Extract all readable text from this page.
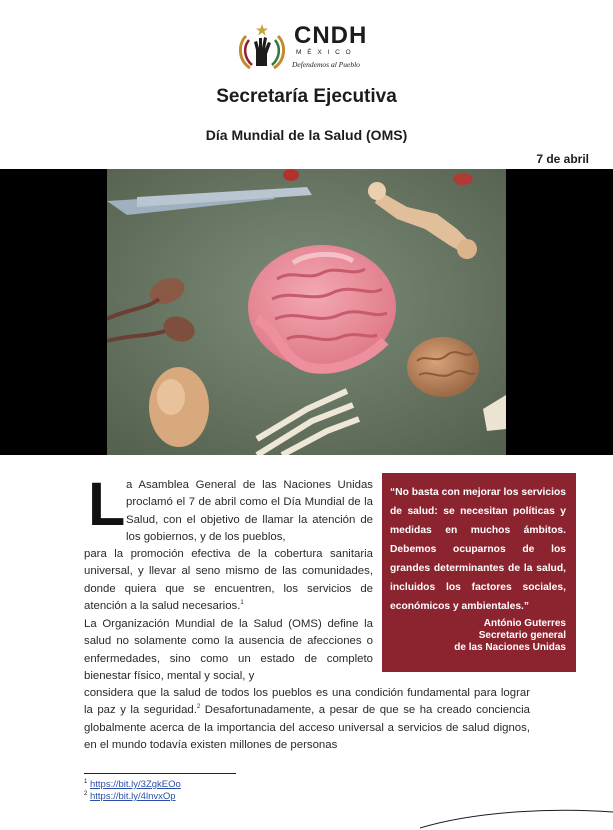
CNDH
MÉXICO
Defendemos al Pueblo
Secretaría Ejecutiva
Día Mundial de la Salud (OMS)
7 de abril
L a Asamblea General de las Naciones Unidas proclamó el 7 de abril como el Día Mundial de la Salud, con el objetivo de llamar la atención de los gobiernos, y de los pueblos,
para la promoción efectiva de la cobertura sanitaria universal, y llevar al seno mismo de las comunidades, donde quiera que se encuentren, los servicios de atención a la salud necesarios.$^1$
La Organización Mundial de la Salud (OMS) define la salud no solamente como la ausencia de afecciones o enfermedades, sino como un estado de completo bienestar físico, mental y social, y
considera que la salud de todos los pueblos es una condición fundamental para lograr la paz y la seguridad.$^2$ Desafortunadamente, a pesar de que se ha creado conciencia globalmente acerca de la importancia del acceso universal a servicios de salud dignos, en el mundo todavía existen millones de personas
“No basta con mejorar los servicios de salud: se necesitan políticas y medidas en muchos ámbitos. Debemos ocuparnos de los grandes determinantes de la salud, incluidos los factores sociales, económicos y ambientales.”
António Guterres
Secretario general
de las Naciones Unidas
$^1$ https://bit.ly/3ZgkEOo
$^2$ https://bit.ly/4lnvxOp
